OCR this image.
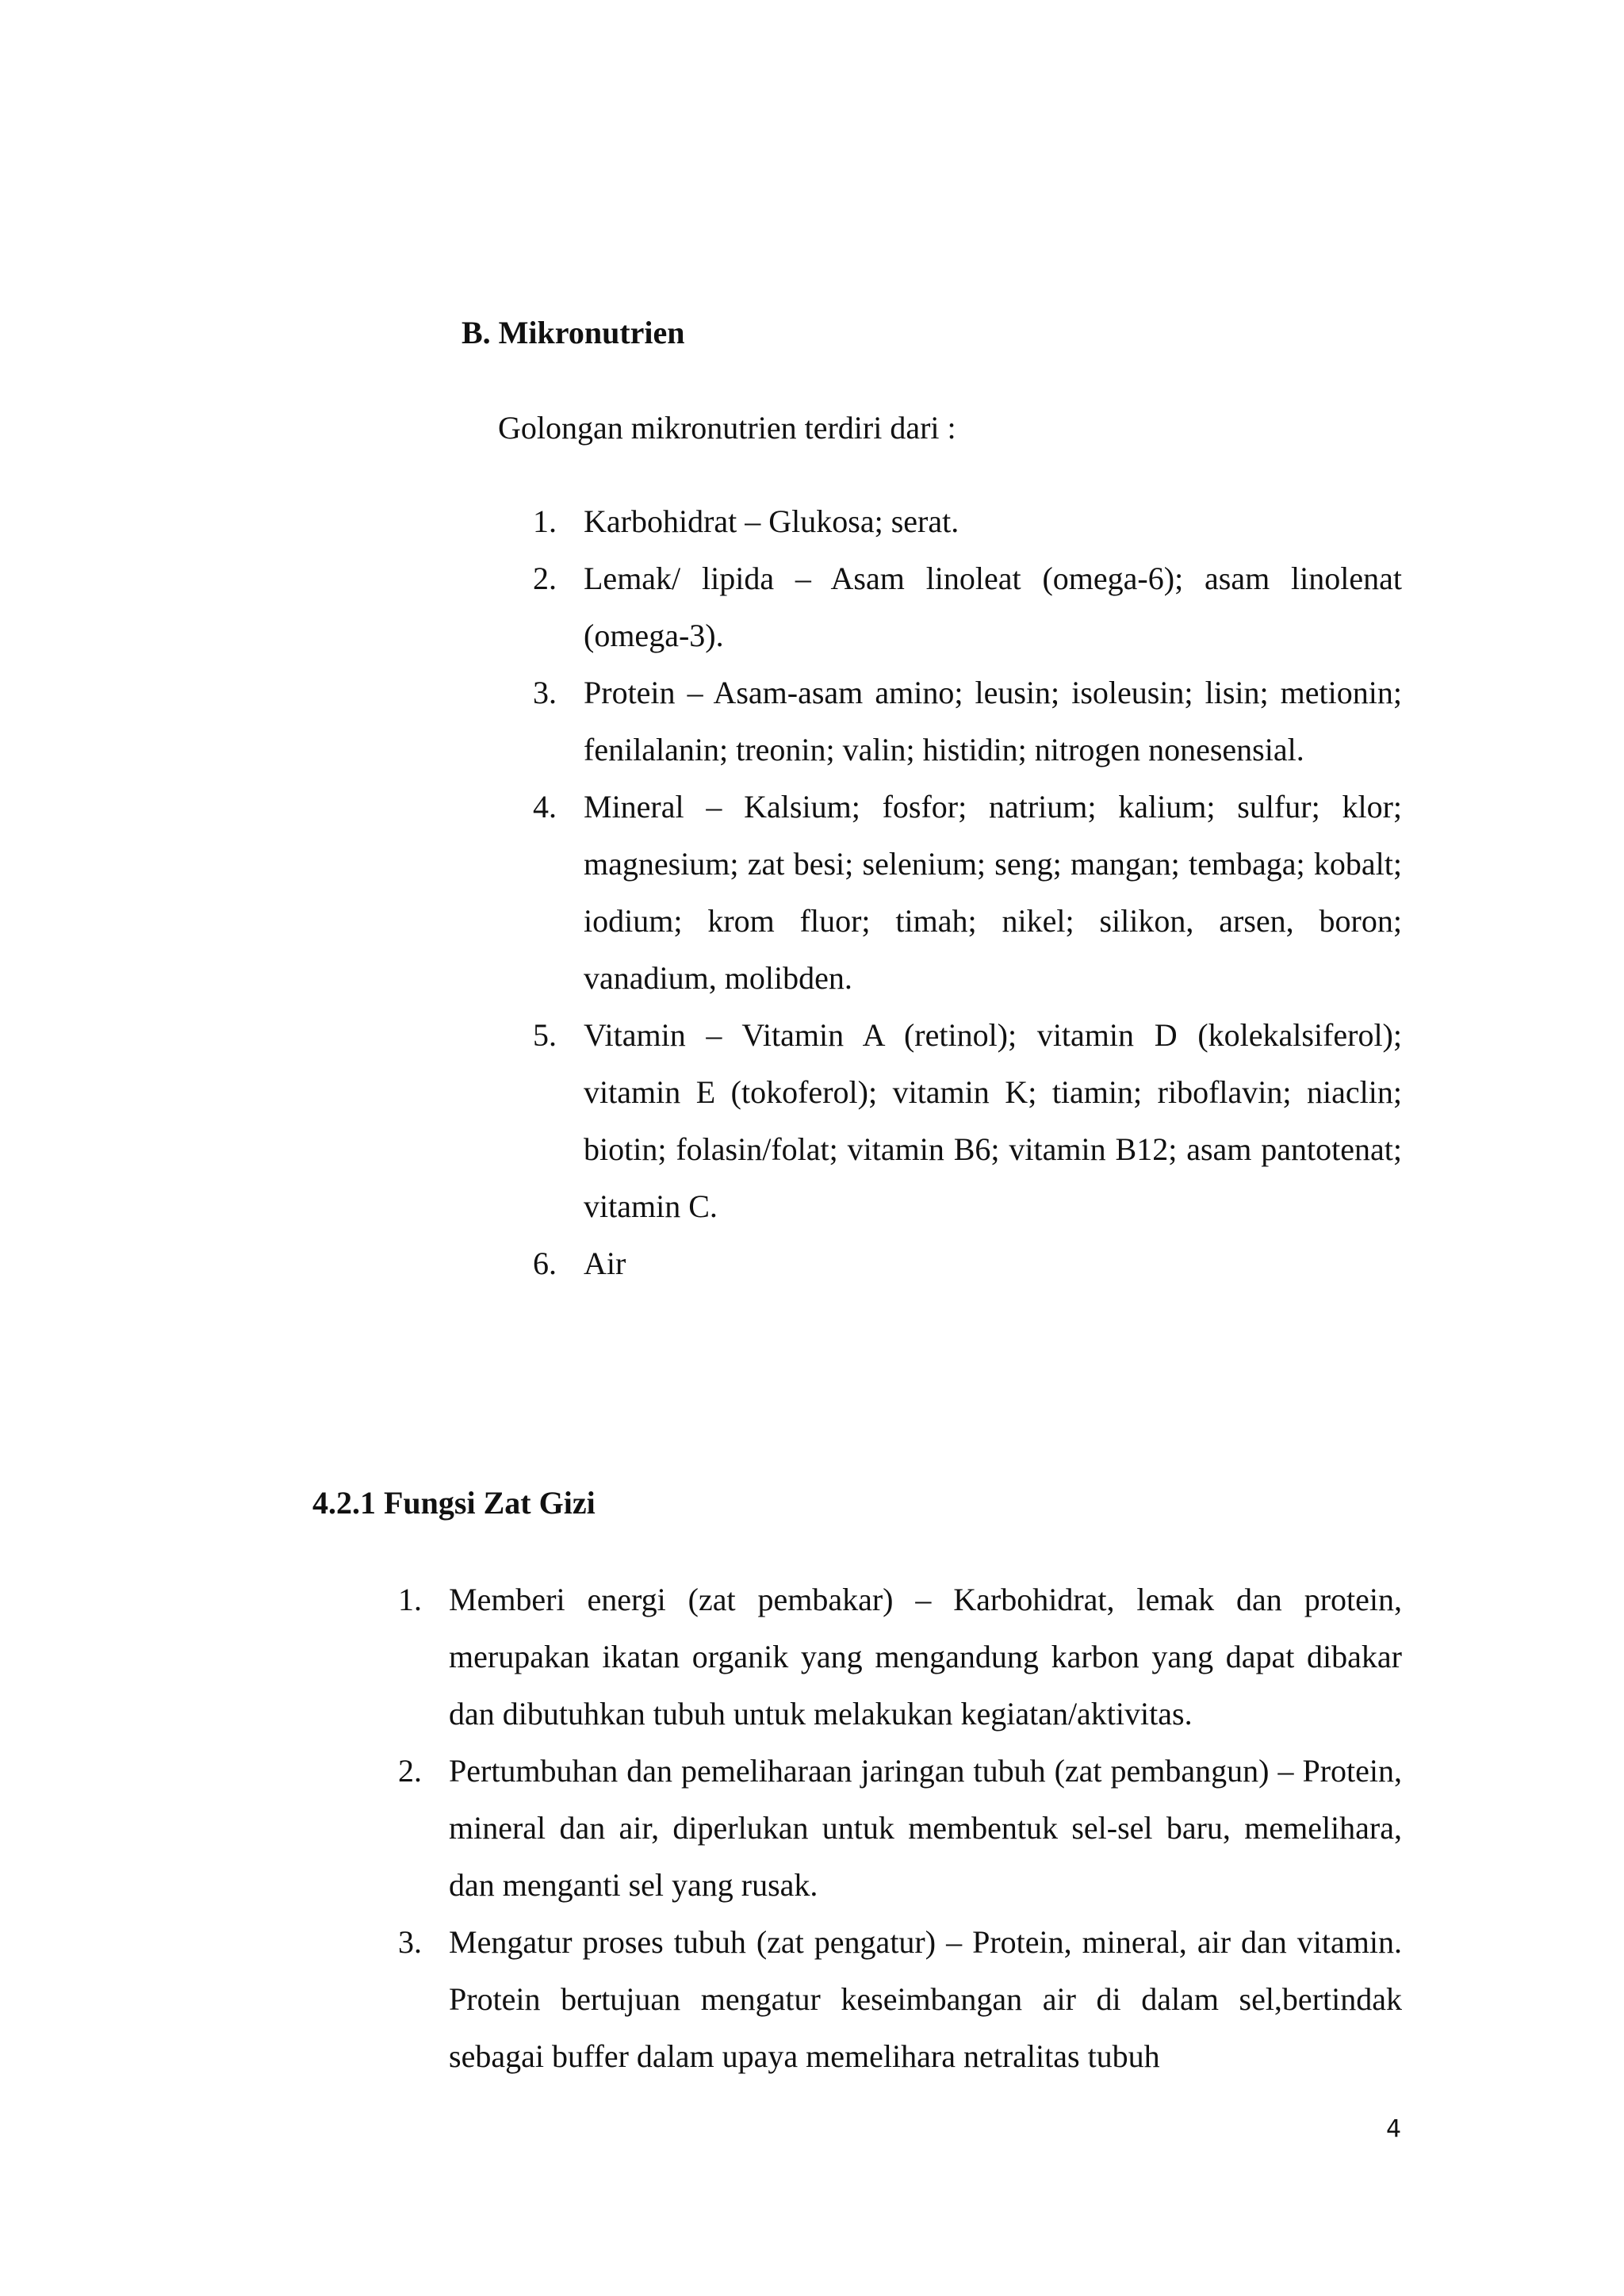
B. Mikronutrien

Golongan mikronutrien terdiri dari :

1. Karbohidrat – Glukosa; serat.
2. Lemak/ lipida – Asam linoleat (omega-6); asam linolenat (omega-3).
3. Protein – Asam-asam amino; leusin; isoleusin; lisin; metionin; fenilalanin; treonin; valin; histidin; nitrogen nonesensial.
4. Mineral – Kalsium; fosfor; natrium; kalium; sulfur; klor; magnesium; zat besi; selenium; seng; mangan; tembaga; kobalt; iodium; krom fluor; timah; nikel; silikon, arsen, boron; vanadium, molibden.
5. Vitamin – Vitamin A (retinol); vitamin D (kolekalsiferol); vitamin E (tokoferol); vitamin K; tiamin; riboflavin; niaclin; biotin; folasin/folat; vitamin B6; vitamin B12; asam pantotenat; vitamin C.
6. Air
4.2.1 Fungsi Zat Gizi
1. Memberi energi (zat pembakar) – Karbohidrat, lemak dan protein, merupakan ikatan organik yang mengandung karbon yang dapat dibakar dan dibutuhkan tubuh untuk melakukan kegiatan/aktivitas.
2. Pertumbuhan dan pemeliharaan jaringan tubuh (zat pembangun) – Protein, mineral dan air, diperlukan untuk membentuk sel-sel baru, memelihara, dan menganti sel yang rusak.
3. Mengatur proses tubuh (zat pengatur) – Protein, mineral, air dan vitamin. Protein bertujuan mengatur keseimbangan air di dalam sel,bertindak sebagai buffer dalam upaya memelihara netralitas tubuh
4
